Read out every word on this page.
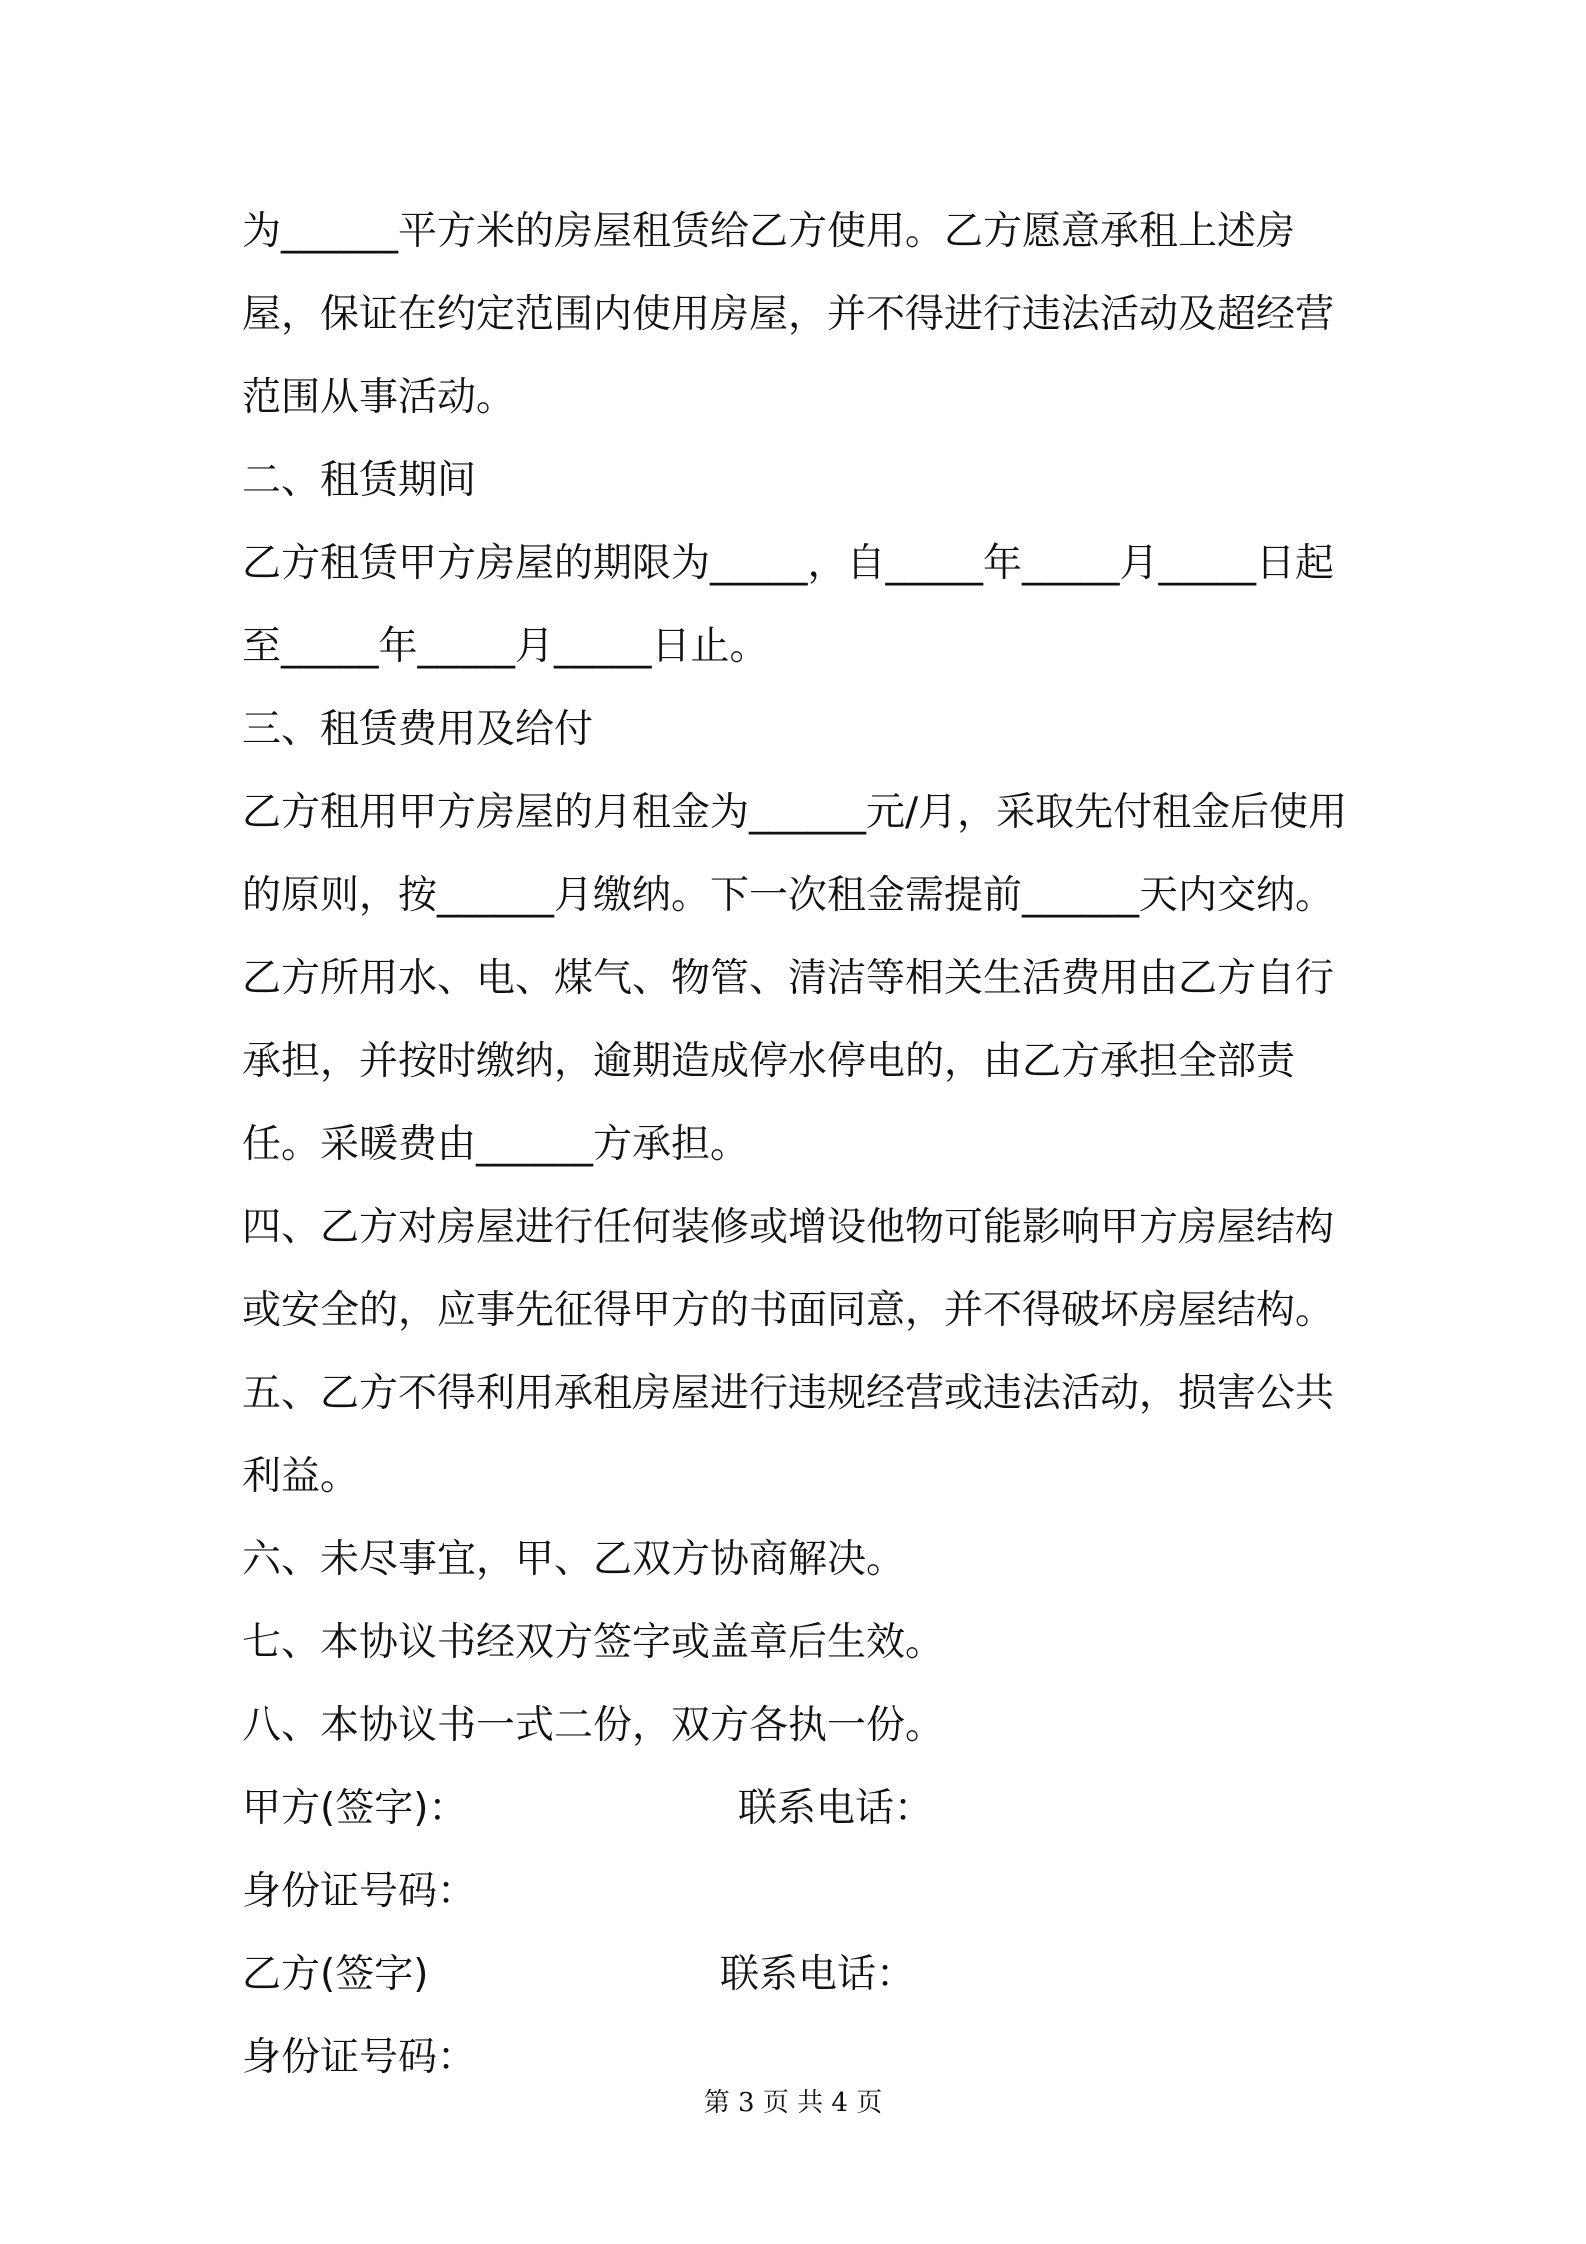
为______平方米的房屋租赁给乙方使用。乙方愿意承租上述房屋，保证在约定范围内使用房屋，并不得进行违法活动及超经营范围从事活动。

二、租赁期间

乙方租赁甲方房屋的期限为_____，自_____年_____月_____日起至_____年_____月_____日止。

三、租赁费用及给付

乙方租用甲方房屋的月租金为______元/月，采取先付租金后使用的原则，按______月缴纳。下一次租金需提前______天内交纳。

乙方所用水、电、煤气、物管、清洁等相关生活费用由乙方自行承担，并按时缴纳，逾期造成停水停电的，由乙方承担全部责任。采暖费由______方承担。

四、乙方对房屋进行任何装修或增设他物可能影响甲方房屋结构或安全的，应事先征得甲方的书面同意，并不得破坏房屋结构。

五、乙方不得利用承租房屋进行违规经营或违法活动，损害公共利益。

六、未尽事宜，甲、乙双方协商解决。

七、本协议书经双方签字或盖章后生效。

八、本协议书一式二份，双方各执一份。

甲方(签字)：	联系电话：
身份证号码：
乙方(签字)	联系电话：
身份证号码：
第 3 页 共 4 页
